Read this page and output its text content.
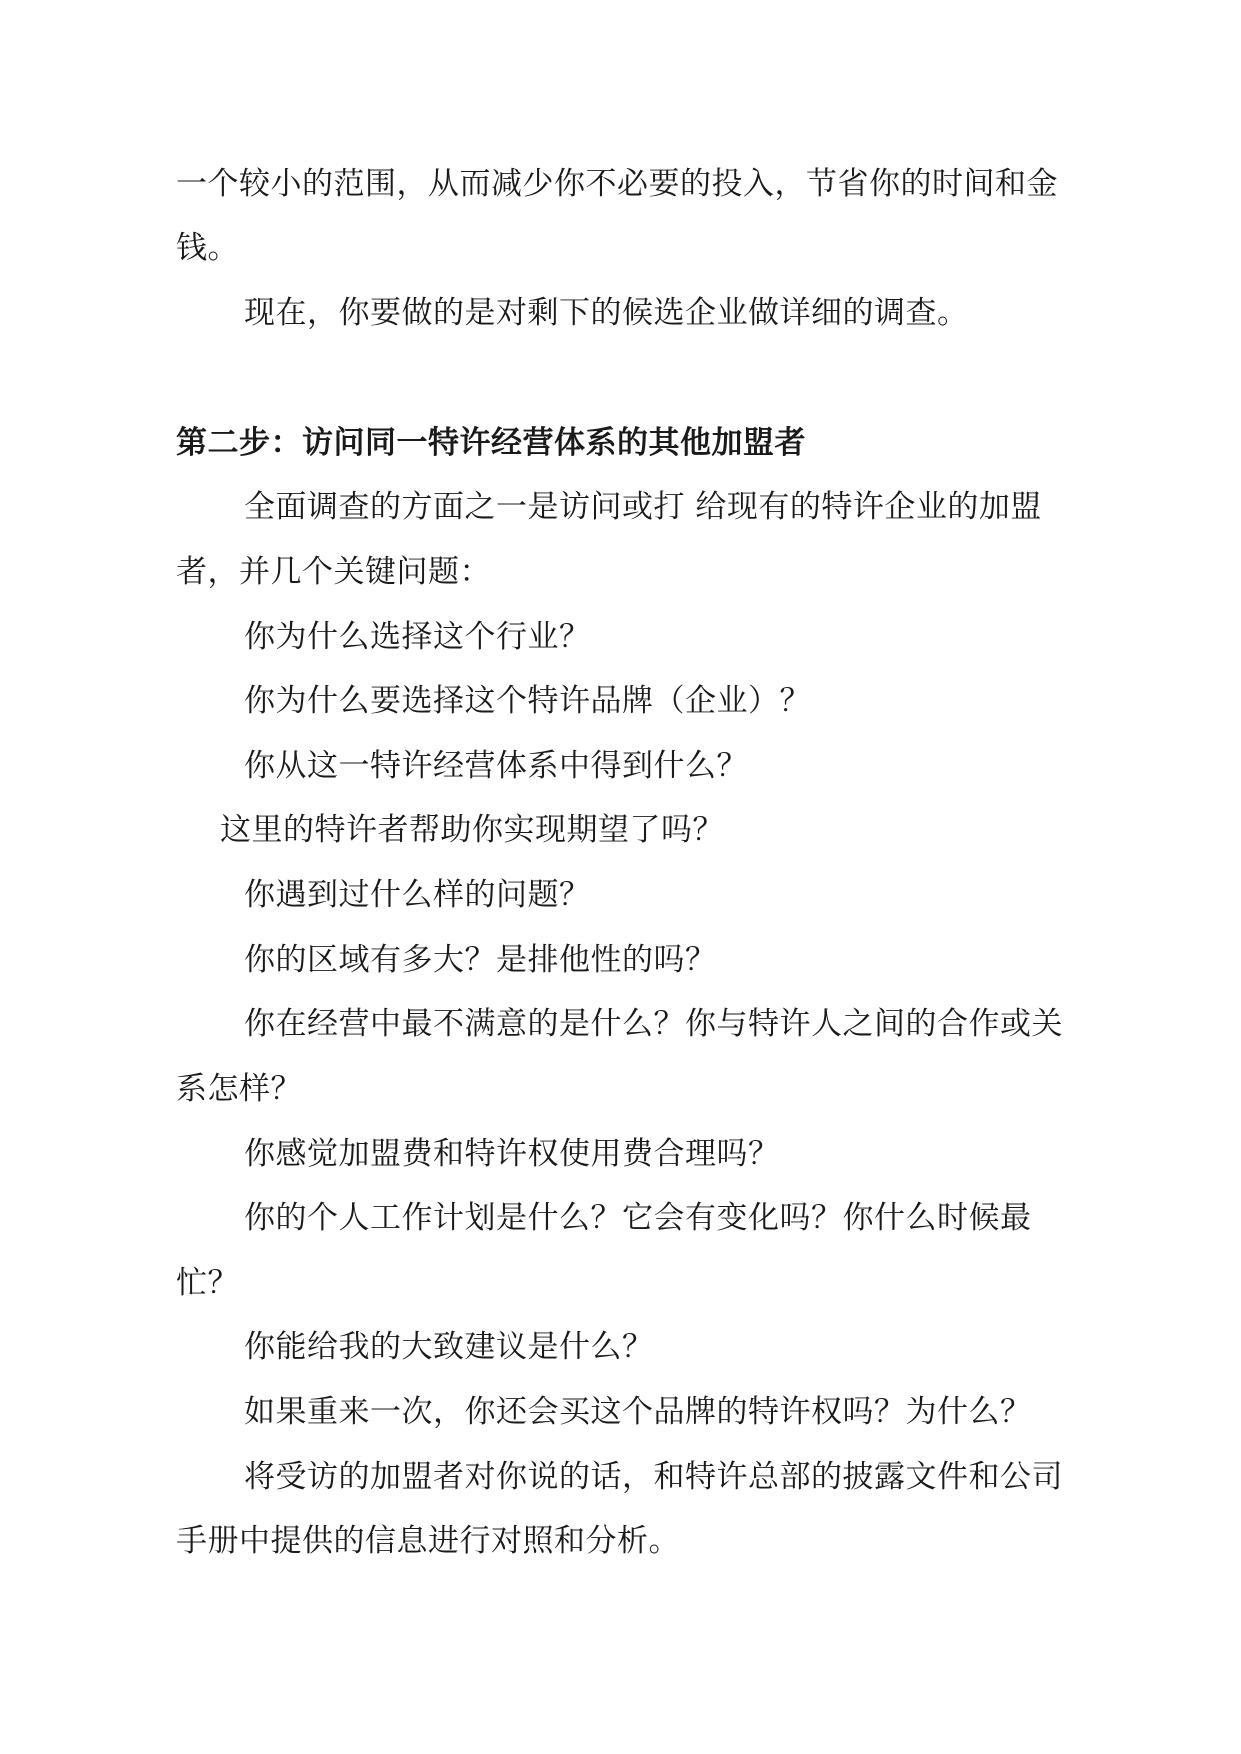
一个较小的范围，从而减少你不必要的投入，节省你的时间和金

钱。

现在，你要做的是对剩下的候选企业做详细的调查。

第二步：访问同一特许经营体系的其他加盟者

全面调查的方面之一是访问或打 给现有的特许企业的加盟

者，并几个关键问题：

你为什么选择这个行业？

你为什么要选择这个特许品牌（企业）？

你从这一特许经营体系中得到什么？

这里的特许者帮助你实现期望了吗？

你遇到过什么样的问题？

你的区域有多大？是排他性的吗？

你在经营中最不满意的是什么？你与特许人之间的合作或关

系怎样？

你感觉加盟费和特许权使用费合理吗？

你的个人工作计划是什么？它会有变化吗？你什么时候最

忙？

你能给我的大致建议是什么？

如果重来一次，你还会买这个品牌的特许权吗？为什么？

将受访的加盟者对你说的话，和特许总部的披露文件和公司

手册中提供的信息进行对照和分析。
